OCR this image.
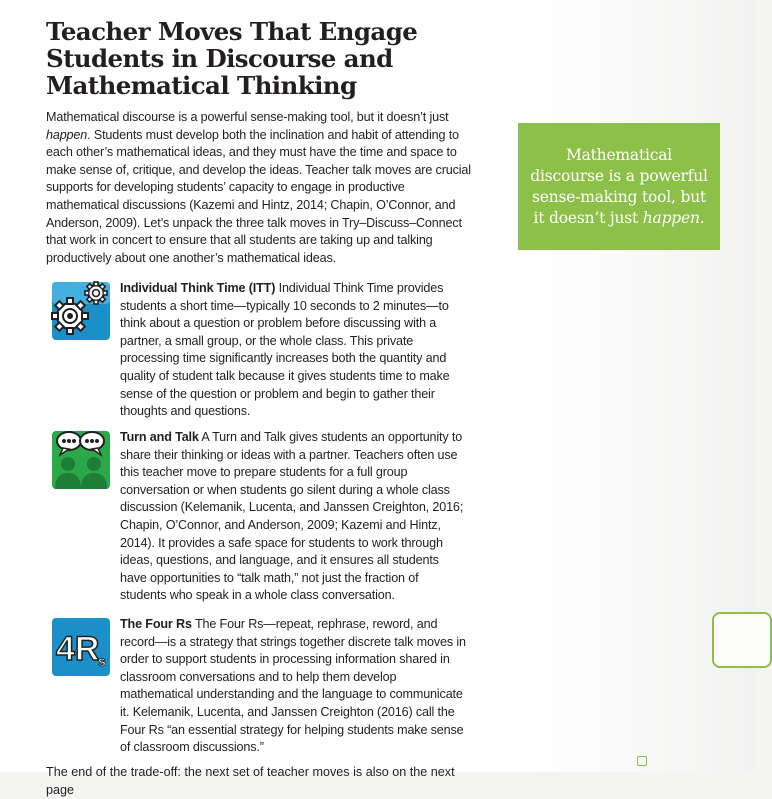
Teacher Moves That Engage Students in Discourse and Mathematical Thinking

Mathematical discourse is a powerful sense-making tool, but it doesn’t just happen. Students must develop both the inclination and habit of attending to each other’s mathematical ideas, and they must have the time and space to make sense of, critique, and develop the ideas. Teacher talk moves are crucial supports for developing students’ capacity to engage in productive mathematical discussions (Kazemi and Hintz, 2014; Chapin, O’Connor, and Anderson, 2009). Let’s unpack the three talk moves in Try–Discuss–Connect that work in concert to ensure that all students are taking up and talking productively about one another’s mathematical ideas.

Mathematical discourse is a powerful sense-making tool, but it doesn’t just happen.

Individual Think Time (ITT) Individual Think Time provides students a short time—typically 10 seconds to 2 minutes—to think about a question or problem before discussing with a partner, a small group, or the whole class. This private processing time significantly increases both the quantity and quality of student talk because it gives students time to make sense of the question or problem and begin to gather their thoughts and questions.

Turn and Talk A Turn and Talk gives students an opportunity to share their thinking or ideas with a partner. Teachers often use this teacher move to prepare students for a full group conversation or when students go silent during a whole class discussion (Kelemanik, Lucenta, and Janssen Creighton, 2016; Chapin, O’Connor, and Anderson, 2009; Kazemi and Hintz, 2014). It provides a safe space for students to work through ideas, questions, and language, and it ensures all students have opportunities to “talk math,” not just the fraction of students who speak in a whole class conversation.

4R
s

The Four Rs The Four Rs—repeat, rephrase, reword, and record—is a strategy that strings together discrete talk moves in order to support students in processing information shared in classroom conversations and to help them develop mathematical understanding and the language to communicate it. Kelemanik, Lucenta, and Janssen Creighton (2016) call the Four Rs “an essential strategy for helping students make sense of classroom discussions.”

The end of the trade-off: the next set of teacher moves is also on the next page
